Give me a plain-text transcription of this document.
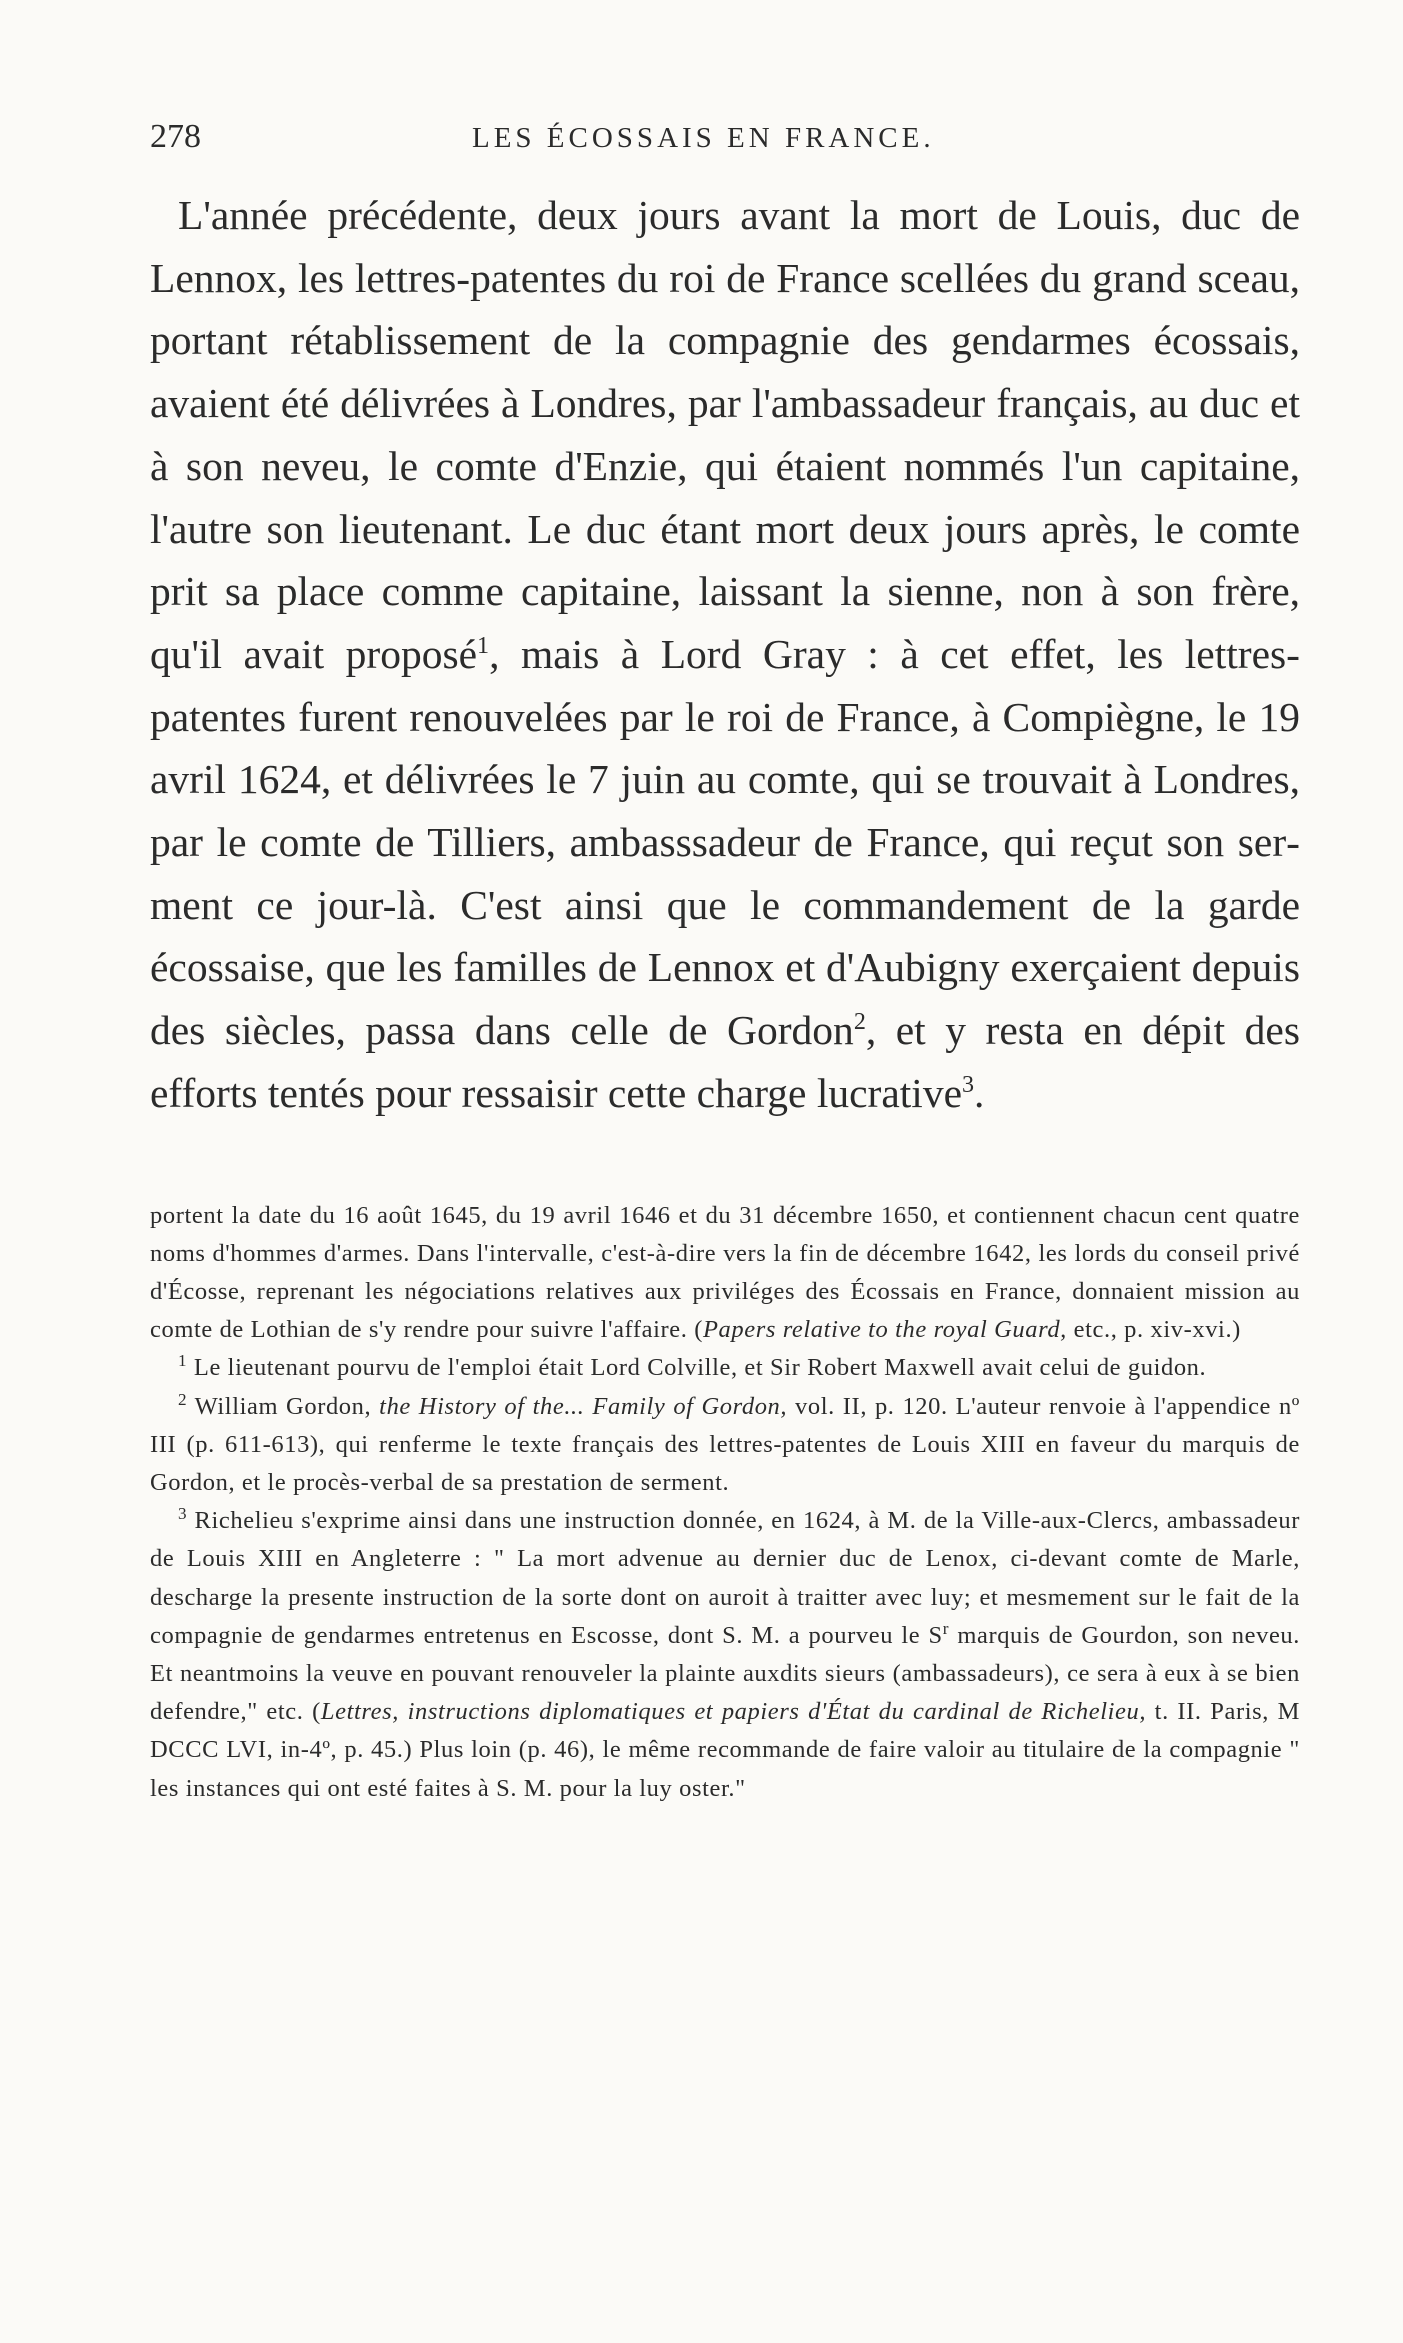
278	LES ÉCOSSAIS EN FRANCE.

L'année précédente, deux jours avant la mort de Louis, duc de Lennox, les lettres-patentes du roi de France scellées du grand sceau, portant rétablissement de la compagnie des gendarmes écossais, avaient été délivrées à Londres, par l'ambassadeur français, au duc et à son neveu, le comte d'Enzie, qui étaient nommés l'un capitaine, l'autre son lieutenant. Le duc étant mort deux jours après, le comte prit sa place comme capitaine, laissant la sienne, non à son frère, qu'il avait proposé$^1$, mais à Lord Gray : à cet effet, les lettres-patentes furent renouvelées par le roi de France, à Compiègne, le 19 avril 1624, et délivrées le 7 juin au comte, qui se trouvait à Londres, par le comte de Tilliers, ambasssadeur de France, qui reçut son serment ce jour-là. C'est ainsi que le commandement de la garde écossaise, que les familles de Lennox et d'Aubigny exerçaient depuis des siècles, passa dans celle de Gordon$^2$, et y resta en dépit des efforts tentés pour ressaisir cette charge lucrative$^3$.

portent la date du 16 août 1645, du 19 avril 1646 et du 31 décembre 1650, et contiennent chacun cent quatre noms d'hommes d'armes. Dans l'intervalle, c'est-à-dire vers la fin de décembre 1642, les lords du conseil privé d'Écosse, reprenant les négociations relatives aux priviléges des Écossais en France, donnaient mission au comte de Lothian de s'y rendre pour suivre l'affaire. (Papers relative to the royal Guard, etc., p. xiv-xvi.)

$^1$ Le lieutenant pourvu de l'emploi était Lord Colville, et Sir Robert Maxwell avait celui de guidon.

$^2$ William Gordon, the History of the... Family of Gordon, vol. II, p. 120. L'auteur renvoie à l'appendice nº III (p. 611-613), qui renferme le texte français des lettres-patentes de Louis XIII en faveur du marquis de Gordon, et le procès-verbal de sa prestation de serment.

$^3$ Richelieu s'exprime ainsi dans une instruction donnée, en 1624, à M. de la Ville-aux-Clercs, ambassadeur de Louis XIII en Angleterre : " La mort advenue au dernier duc de Lenox, ci-devant comte de Marle, descharge la presente instruction de la sorte dont on auroit à traitter avec luy; et mesmement sur le fait de la compagnie de gendarmes entretenus en Escosse, dont S. M. a pourveu le $S^r$ marquis de Gourdon, son neveu. Et neantmoins la veuve en pouvant renouveler la plainte auxdits sieurs (ambassadeurs), ce sera à eux à se bien defendre," etc. (Lettres, instructions diplomatiques et papiers d'État du cardinal de Richelieu, t. II. Paris, M DCCC LVI, in-4º, p. 45.) Plus loin (p. 46), le même recommande de faire valoir au titulaire de la compagnie " les instances qui ont esté faites à S. M. pour la luy oster."
